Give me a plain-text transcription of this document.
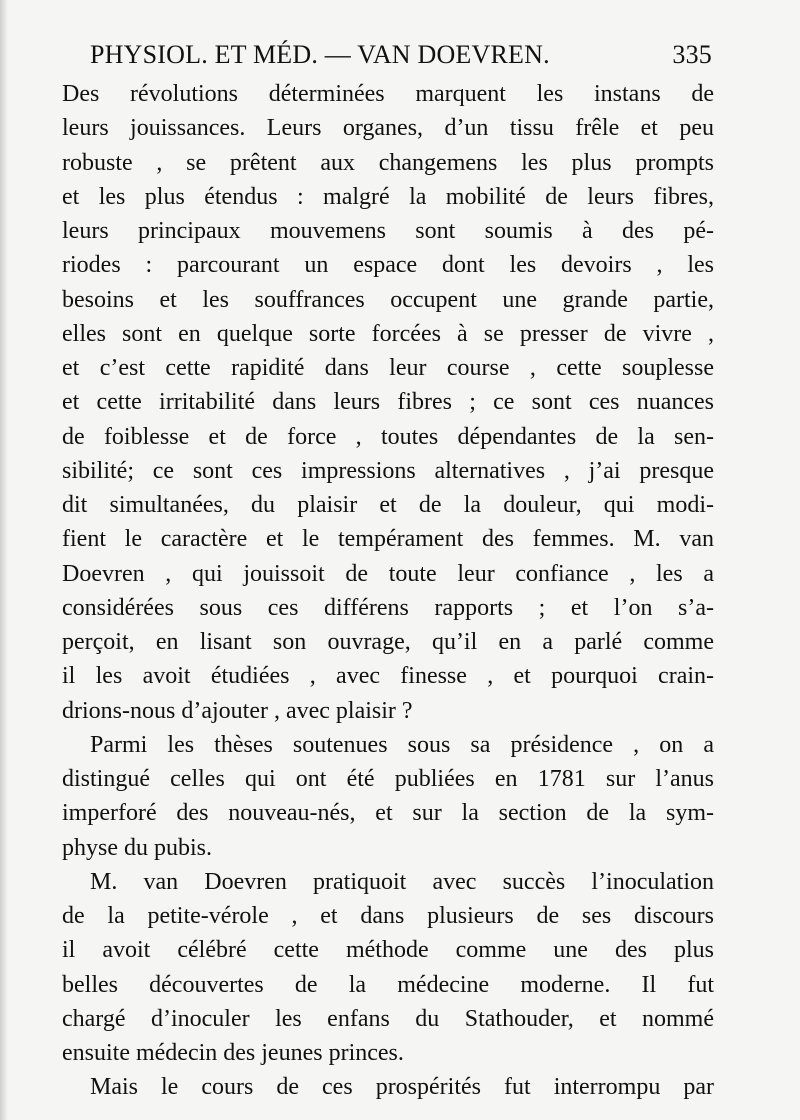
PHYSIOL. ET MÉD. — VAN DOEVREN.	335
Des révolutions déterminées marquent les instans de
leurs jouissances. Leurs organes, d’un tissu frêle et peu
robuste , se prêtent aux changemens les plus prompts
et les plus étendus : malgré la mobilité de leurs fibres,
leurs principaux mouvemens sont soumis à des pé-
riodes : parcourant un espace dont les devoirs , les
besoins et les souffrances occupent une grande partie,
elles sont en quelque sorte forcées à se presser de vivre ,
et c’est cette rapidité dans leur course , cette souplesse
et cette irritabilité dans leurs fibres ; ce sont ces nuances
de foiblesse et de force , toutes dépendantes de la sen-
sibilité; ce sont ces impressions alternatives , j’ai presque
dit simultanées, du plaisir et de la douleur, qui modi-
fient le caractère et le tempérament des femmes. M. van
Doevren , qui jouissoit de toute leur confiance , les a
considérées sous ces différens rapports ; et l’on s’a-
perçoit, en lisant son ouvrage, qu’il en a parlé comme
il les avoit étudiées , avec finesse , et pourquoi crain-
drions-nous d’ajouter , avec plaisir ?
Parmi les thèses soutenues sous sa présidence , on a
distingué celles qui ont été publiées en 1781 sur l’anus
imperforé des nouveau-nés, et sur la section de la sym-
physe du pubis.
M. van Doevren pratiquoit avec succès l’inoculation
de la petite-vérole , et dans plusieurs de ses discours
il avoit célébré cette méthode comme une des plus
belles découvertes de la médecine moderne. Il fut
chargé d’inoculer les enfans du Stathouder, et nommé
ensuite médecin des jeunes princes.
Mais le cours de ces prospérités fut interrompu par
